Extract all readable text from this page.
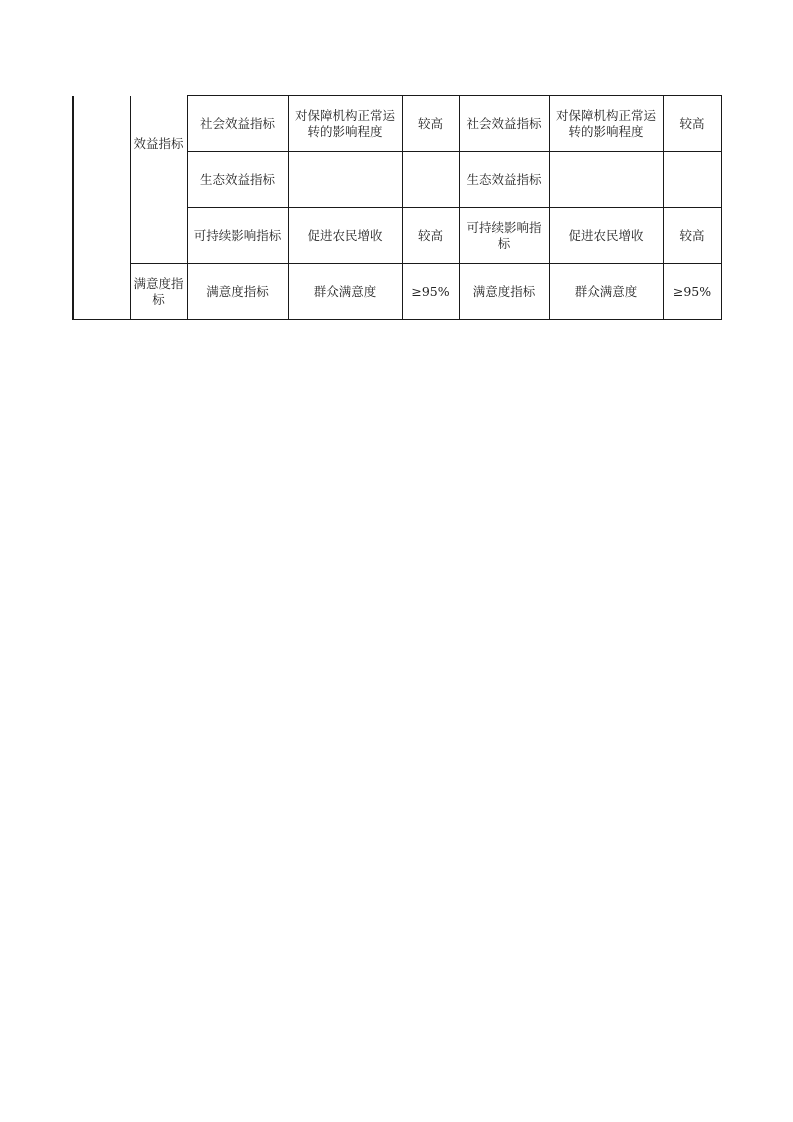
	效益指标	社会效益指标	对保障机构正常运转的影响程度	较高	社会效益指标	对保障机构正常运转的影响程度	较高
		生态效益指标			生态效益指标		
		可持续影响指标	促进农民增收	较高	可持续影响指标	促进农民增收	较高
	满意度指标	满意度指标	群众满意度	≥95%	满意度指标	群众满意度	≥95%
